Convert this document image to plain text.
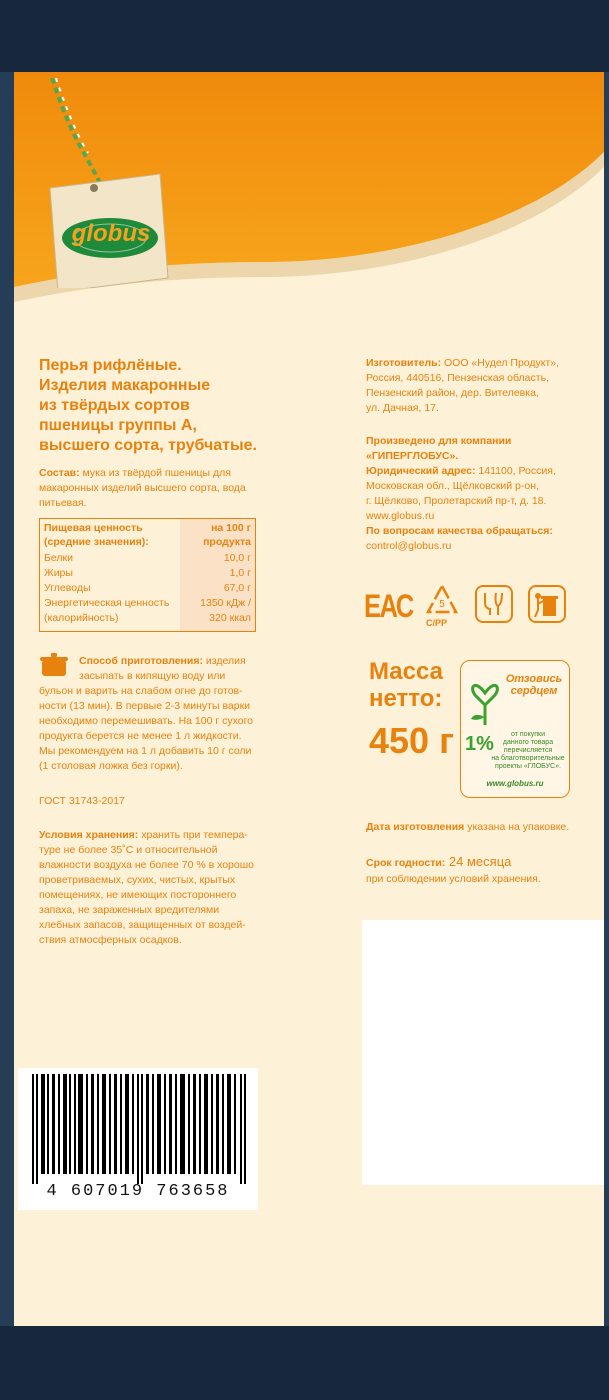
globus
Перья рифлёные.
Изделия макаронные
из твёрдых сортов
пшеницы группы А,
высшего сорта, трубчатые.
Состав: мука из твёрдой пшеницы для
макаронных изделий высшего сорта, вода
питьевая.
Пищевая ценность	на 100 г
(средние значения):	продукта
Белки	10,0 г
Жиры	1,0 г
Углеводы	67,0 г
Энергетическая ценность	1350 кДж /
(калорийность)	320 ккал
Способ приготовления: изделия
засыпать в кипящую воду или
бульон и варить на слабом огне до готов-
ности (13 мин). В первые 2-3 минуты варки
необходимо перемешивать. На 100 г сухого
продукта берется не менее 1 л жидкости.
Мы рекомендуем на 1 л добавить 10 г соли
(1 столовая ложка без горки).
ГОСТ 31743-2017
Условия хранения: хранить при темпера-
туре не более 35˚С и относительной
влажности воздуха не более 70 % в хорошо
проветриваемых, сухих, чистых, крытых
помещениях, не имеющих постороннего
запаха, не зараженных вредителями
хлебных запасов, защищенных от воздей-
ствия атмосферных осадков.
Изготовитель: ООО «Нудел Продукт»,
Россия, 440516, Пензенская область,
Пензенский район, дер. Вителевка,
ул. Дачная, 17.
Произведено для компании
«ГИПЕРГЛОБУС».
Юридический адрес: 141100, Россия,
Московская обл., Щёлковский р-он,
г. Щёлково, Пролетарский пр-т, д. 18.
www.globus.ru
По вопросам качества обращаться:
control@globus.ru
ЕАС	5
C/PP
Масса
нетто:
450 г
Отзовись
сердцем
1%	от покупки
данного товара
перечисляется
на благотворительные
проекты «ГЛОБУС».
www.globus.ru
Дата изготовления указана на упаковке.
Срок годности: 24 месяца
при соблюдении условий хранения.
4 607019 763658
